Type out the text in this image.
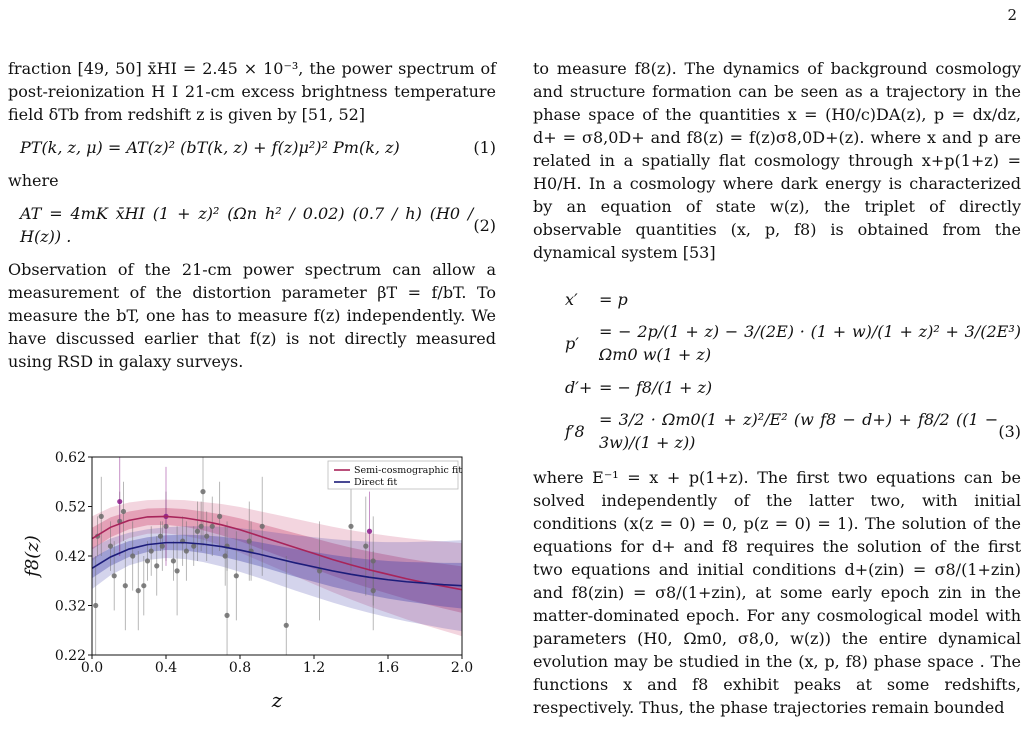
2

fraction [49, 50] x̄HI = 2.45 × 10⁻³, the power spectrum of post-reionization H I 21-cm excess brightness temperature field δTb from redshift z is given by [51, 52]

PT(k, z, μ) = AT(z)² (bT(k, z) + f(z)μ²)² Pm(k, z)	(1)

where

AT = 4mK x̄HI (1 + z)² (Ωn h² / 0.02) (0.7 / h) (H0 / H(z)) .
(2)

Observation of the 21-cm power spectrum can allow a measurement of the distortion parameter βT = f/bT. To measure the bT, one has to measure f(z) independently. We have discussed earlier that f(z) is not directly measured using RSD in galaxy surveys.

0.0	0.4	0.8	1.2	1.6	2.0
0.22
0.32
0.42
0.52
0.62
z
f8(z)
Semi-cosmographic fit
Direct fit

to measure f8(z). The dynamics of background cosmology and structure formation can be seen as a trajectory in the phase space of the quantities x = (H0/c)DA(z), p = dx/dz, d+ = σ8,0D+ and f8(z) = f(z)σ8,0D+(z). where x and p are related in a spatially flat cosmology through x+p(1+z) = H0/H. In a cosmology where dark energy is characterized by an equation of state w(z), the triplet of directly observable quantities (x, p, f8) is obtained from the dynamical system [53]

x′	= p
p′
= − 2p/(1 + z) − 3/(2E) · (1 + w)/(1 + z)² + 3/(2E³) Ωm0 w(1 + z)
d′+ = − f8/(1 + z)
f′8
= 3/2 · Ωm0(1 + z)²/E² (w f8 − d+) + f8/2 ((1 − 3w)/(1 + z))
(3)

where E⁻¹ = x + p(1+z). The first two equations can be solved independently of the latter two, with initial conditions (x(z = 0) = 0, p(z = 0) = 1). The solution of the equations for d+ and f8 requires the solution of the first two equations and initial conditions d+(zin) = σ8/(1+zin) and f8(zin) = σ8/(1+zin), at some early epoch zin in the matter-dominated epoch. For any cosmological model with parameters (H0, Ωm0, σ8,0, w(z)) the entire dynamical evolution may be studied in the (x, p, f8) phase space . The functions x and f8 exhibit peaks at some redshifts, respectively. Thus, the phase trajectories remain bounded
